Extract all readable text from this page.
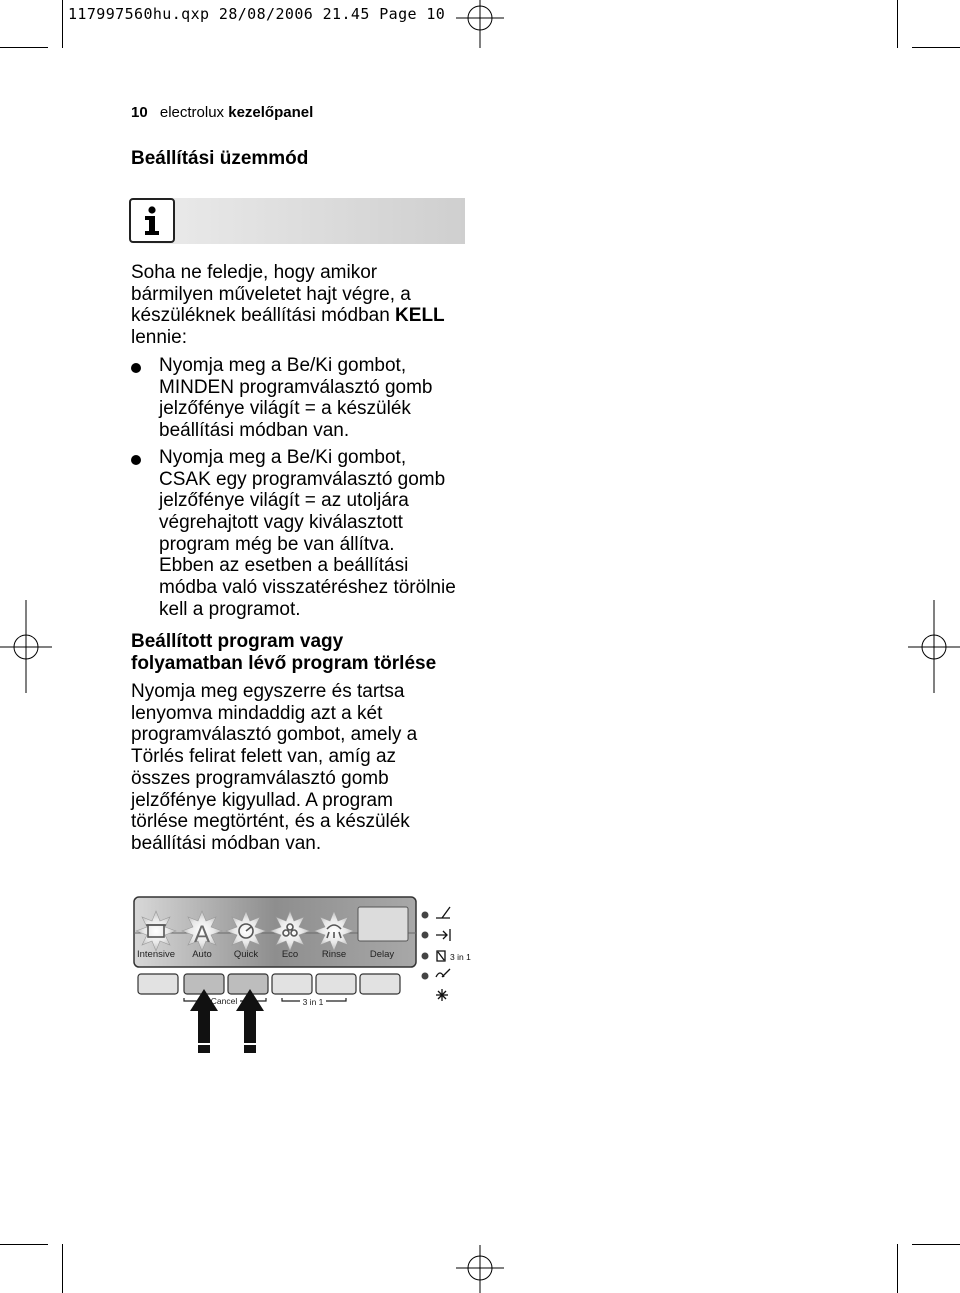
117997560hu.qxp 28/08/2006 21.45 Page 10
10 electrolux kezelőpanel
Beállítási üzemmód
Soha ne feledje, hogy amikor
bármilyen műveletet hajt végre, a
készüléknek beállítási módban KELL
lennie:
Nyomja meg a Be/Ki gombot,
MINDEN programválasztó gomb
jelzőfénye világít = a készülék
beállítási módban van.
Nyomja meg a Be/Ki gombot,
CSAK egy programválasztó gomb
jelzőfénye világít = az utoljára
végrehajtott vagy kiválasztott
program még be van állítva.
Ebben az esetben a beállítási
módba való visszatéréshez törölnie
kell a programot.
Beállított program vagy
folyamatban lévő program törlése
Nyomja meg egyszerre és tartsa
lenyomva mindaddig azt a két
programválasztó gombot, amely a
Törlés felirat felett van, amíg az
összes programválasztó gomb
jelzőfénye kigyullad. A program
törlése megtörtént, és a készülék
beállítási módban van.
A
Intensive Auto Quick Eco Rinse Delay
Cancel	3 in 1
3 in 1
